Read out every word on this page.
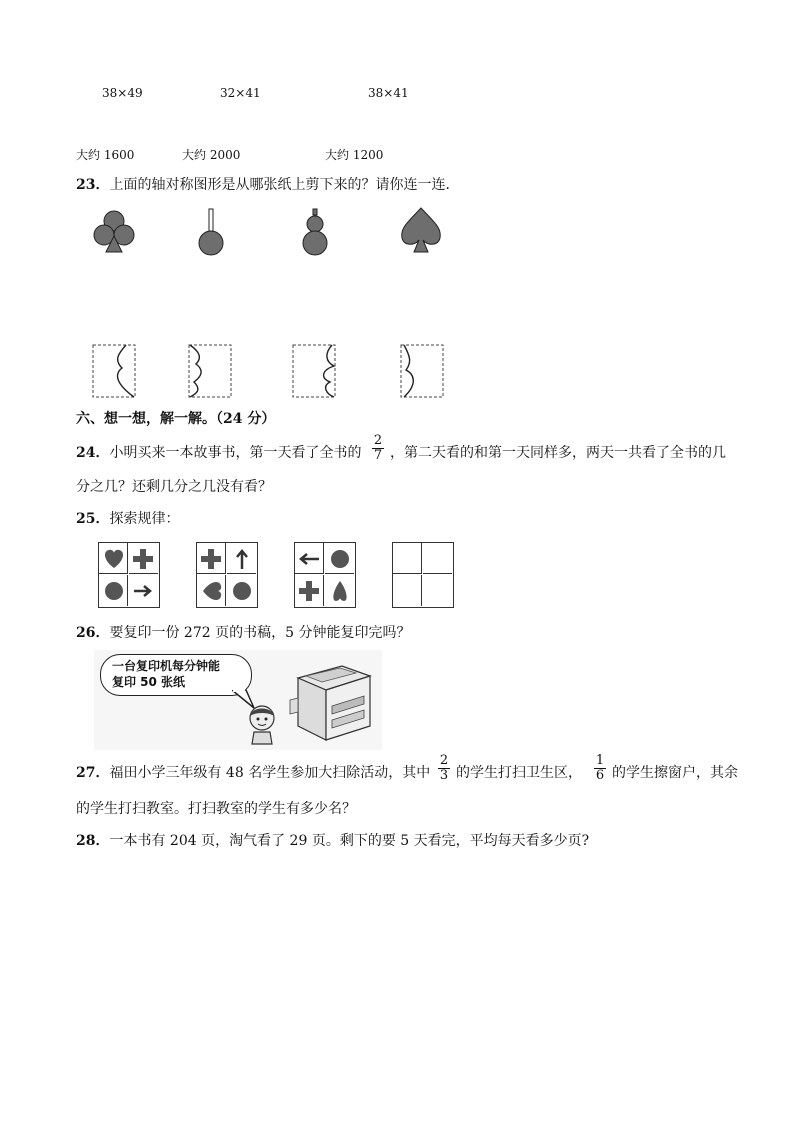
38×49	32×41	38×41
大约 1600	大约 2000	大约 1200
23．上面的轴对称图形是从哪张纸上剪下来的？请你连一连．
六、想一想，解一解。（24 分）
24．小明买来一本故事书，第一天看了全书的 $\frac{2}{7}$ ，第二天看的和第一天同样多，两天一共看了全书的几
分之几？还剩几分之几没有看？
25．探索规律：
26．要复印一份 272 页的书稿，5 分钟能复印完吗？
一台复印机每分钟能
复印 50 张纸
27．福田小学三年级有 48 名学生参加大扫除活动，其中 $\frac{2}{3}$ 的学生打扫卫生区， $\frac{1}{6}$ 的学生擦窗户，其余
的学生打扫教室。打扫教室的学生有多少名？
28．一本书有 204 页，淘气看了 29 页。剩下的要 5 天看完，平均每天看多少页?
